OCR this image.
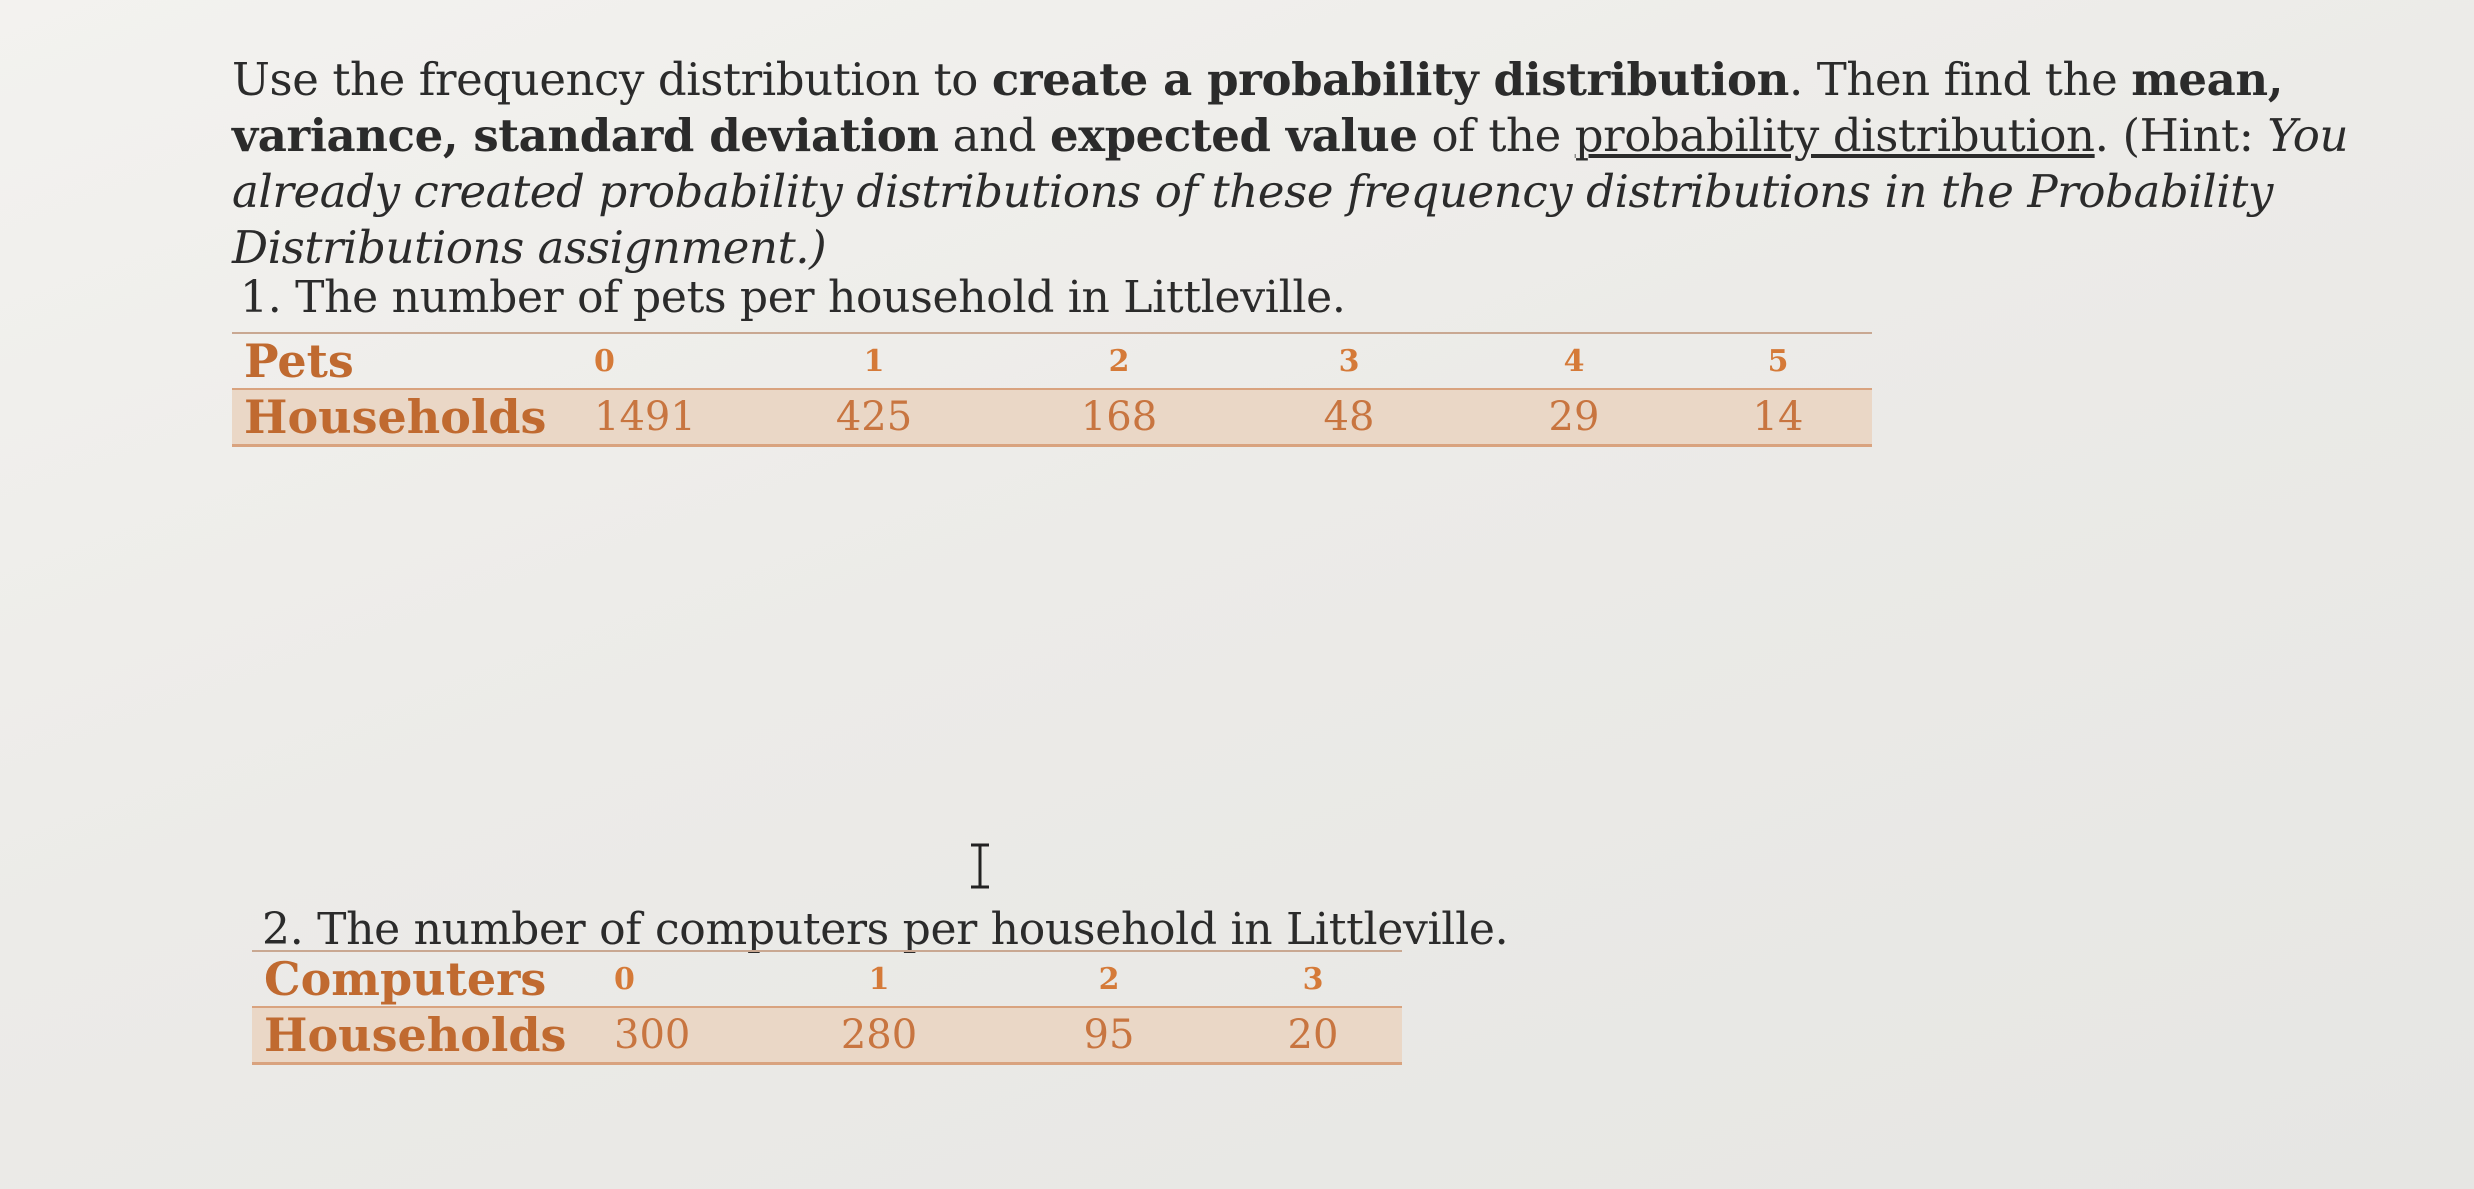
Use the frequency distribution to create a probability distribution. Then find the mean, variance, standard deviation and expected value of the probability distribution. (Hint: You already created probability distributions of these frequency distributions in the Probability Distributions assignment.)
1. The number of pets per household in Littleville.
Pets	0	1	2	3	4	5
Households	1491	425	168	48	29	14
2. The number of computers per household in Littleville.
Computers	0	1	2	3
Households	300	280	95	20
